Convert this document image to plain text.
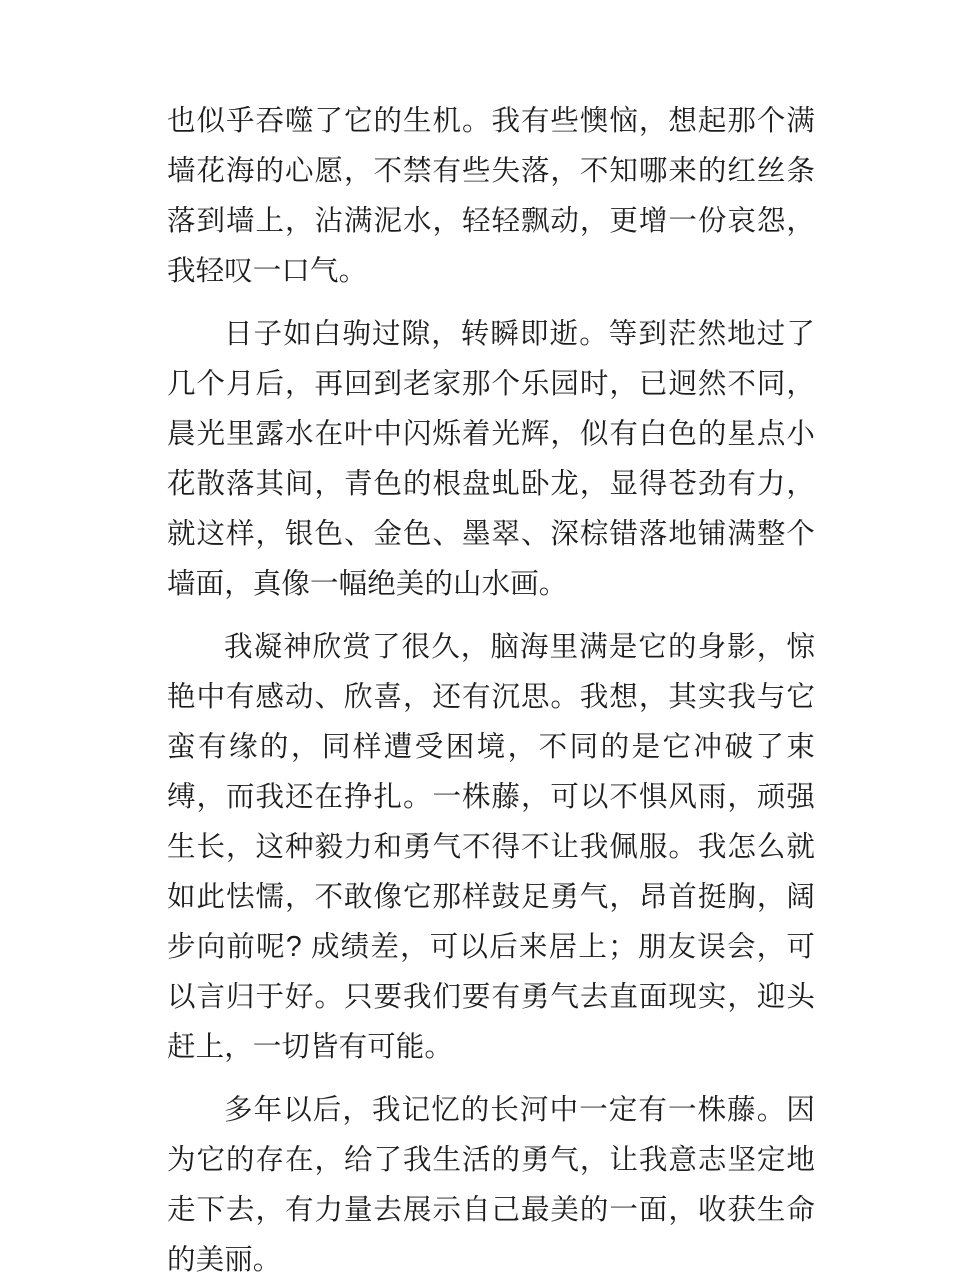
也似乎吞噬了它的生机。我有些懊恼，想起那个满墙花海的心愿，不禁有些失落，不知哪来的红丝条落到墙上，沾满泥水，轻轻飘动，更增一份哀怨，我轻叹一口气。

日子如白驹过隙，转瞬即逝。等到茫然地过了几个月后，再回到老家那个乐园时，已迥然不同，晨光里露水在叶中闪烁着光辉，似有白色的星点小花散落其间，青色的根盘虬卧龙，显得苍劲有力，就这样，银色、金色、墨翠、深棕错落地铺满整个墙面，真像一幅绝美的山水画。

我凝神欣赏了很久，脑海里满是它的身影，惊艳中有感动、欣喜，还有沉思。我想，其实我与它蛮有缘的，同样遭受困境，不同的是它冲破了束缚，而我还在挣扎。一株藤，可以不惧风雨，顽强生长，这种毅力和勇气不得不让我佩服。我怎么就如此怯懦，不敢像它那样鼓足勇气，昂首挺胸，阔步向前呢? 成绩差，可以后来居上；朋友误会，可以言归于好。只要我们要有勇气去直面现实，迎头赶上，一切皆有可能。

多年以后，我记忆的长河中一定有一株藤。因为它的存在，给了我生活的勇气，让我意志坚定地走下去，有力量去展示自己最美的一面，收获生命的美丽。
